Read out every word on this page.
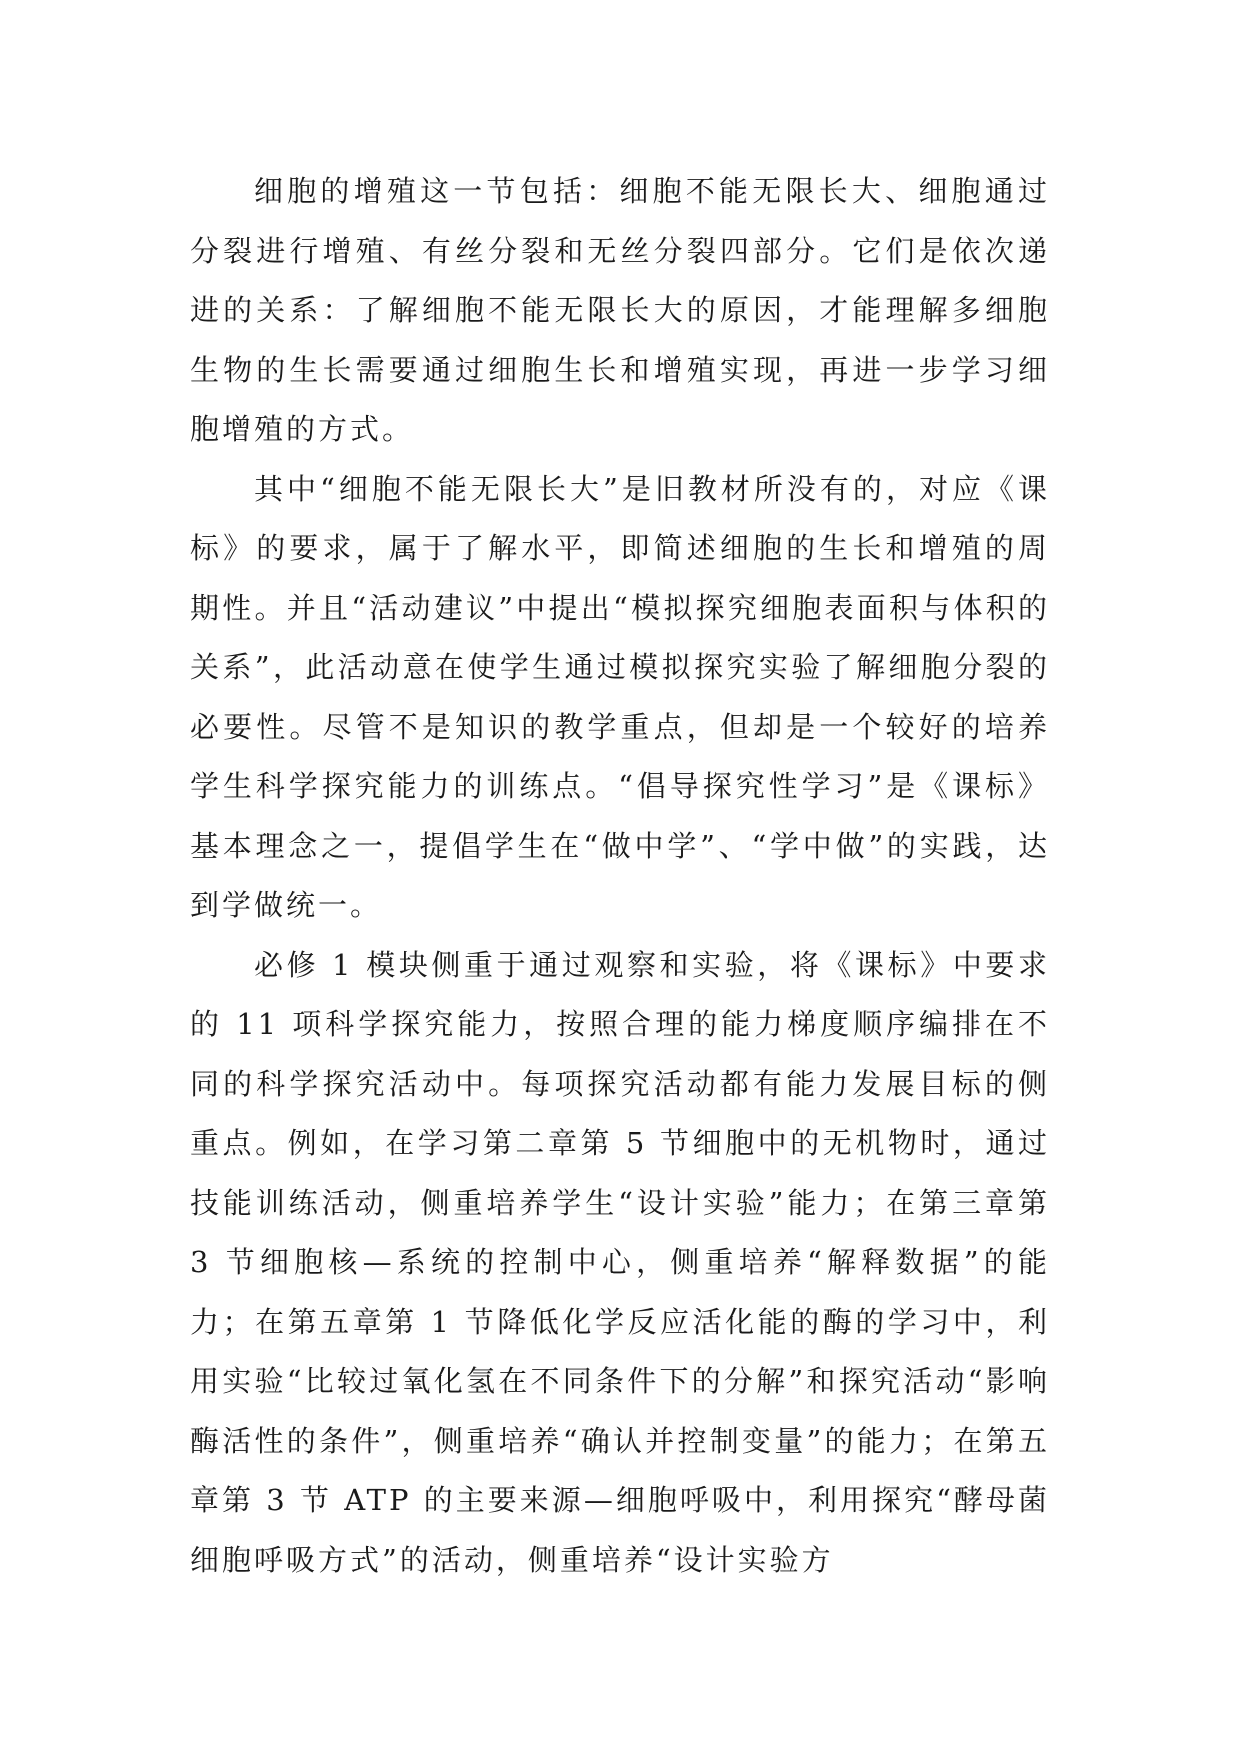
细胞的增殖这一节包括：细胞不能无限长大、细胞通过分裂进行增殖、有丝分裂和无丝分裂四部分。它们是依次递进的关系：了解细胞不能无限长大的原因，才能理解多细胞生物的生长需要通过细胞生长和增殖实现，再进一步学习细胞增殖的方式。

其中“细胞不能无限长大”是旧教材所没有的，对应《课标》的要求，属于了解水平，即简述细胞的生长和增殖的周期性。并且“活动建议”中提出“模拟探究细胞表面积与体积的关系”，此活动意在使学生通过模拟探究实验了解细胞分裂的必要性。尽管不是知识的教学重点，但却是一个较好的培养学生科学探究能力的训练点。“倡导探究性学习”是《课标》基本理念之一，提倡学生在“做中学”、“学中做”的实践，达到学做统一。

必修 1 模块侧重于通过观察和实验，将《课标》中要求的 11 项科学探究能力，按照合理的能力梯度顺序编排在不同的科学探究活动中。每项探究活动都有能力发展目标的侧重点。例如，在学习第二章第 5 节细胞中的无机物时，通过技能训练活动，侧重培养学生“设计实验”能力；在第三章第 3 节细胞核—系统的控制中心，侧重培养“解释数据”的能力；在第五章第 1 节降低化学反应活化能的酶的学习中，利用实验“比较过氧化氢在不同条件下的分解”和探究活动“影响酶活性的条件”，侧重培养“确认并控制变量”的能力；在第五章第 3 节 ATP 的主要来源—细胞呼吸中，利用探究“酵母菌细胞呼吸方式”的活动，侧重培养“设计实验方
